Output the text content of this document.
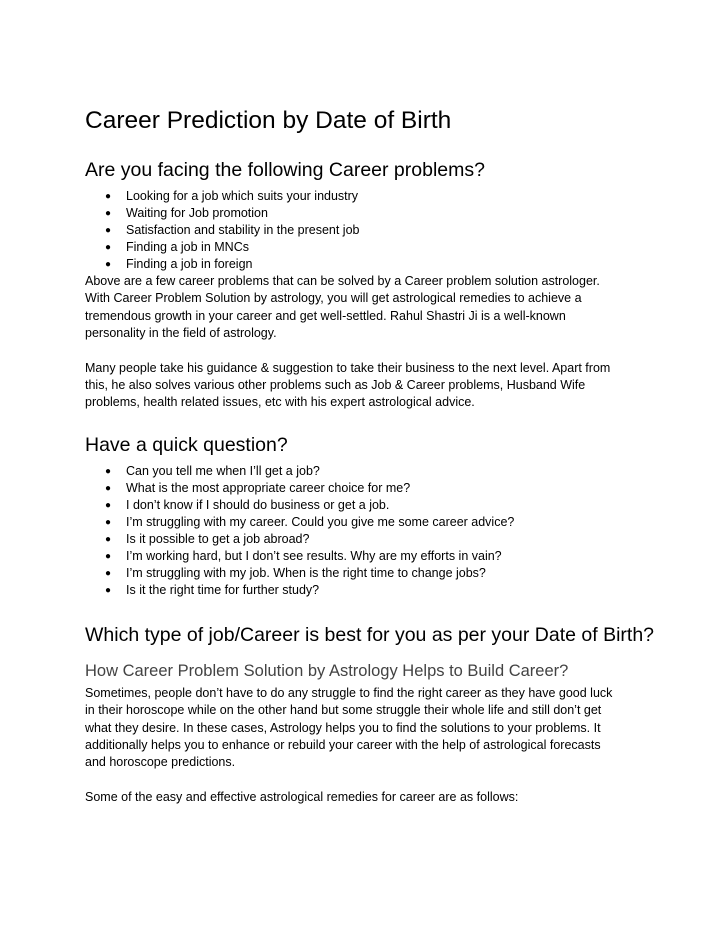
Career Prediction by Date of Birth
Are you facing the following Career problems?
● Looking for a job which suits your industry
● Waiting for Job promotion
● Satisfaction and stability in the present job
● Finding a job in MNCs
● Finding a job in foreign

Above are a few career problems that can be solved by a Career problem solution astrologer.
With Career Problem Solution by astrology, you will get astrological remedies to achieve a
tremendous growth in your career and get well-settled. Rahul Shastri Ji is a well-known
personality in the field of astrology.

Many people take his guidance & suggestion to take their business to the next level. Apart from
this, he also solves various other problems such as Job & Career problems, Husband Wife
problems, health related issues, etc with his expert astrological advice.

Have a quick question?
● Can you tell me when I’ll get a job?
● What is the most appropriate career choice for me?
● I don’t know if I should do business or get a job.
● I’m struggling with my career. Could you give me some career advice?
● Is it possible to get a job abroad?
● I’m working hard, but I don’t see results. Why are my efforts in vain?
● I’m struggling with my job. When is the right time to change jobs?
● Is it the right time for further study?
Which type of job/Career is best for you as per your Date of Birth?
How Career Problem Solution by Astrology Helps to Build Career?

Sometimes, people don’t have to do any struggle to find the right career as they have good luck
in their horoscope while on the other hand but some struggle their whole life and still don’t get
what they desire. In these cases, Astrology helps you to find the solutions to your problems. It
additionally helps you to enhance or rebuild your career with the help of astrological forecasts
and horoscope predictions.

Some of the easy and effective astrological remedies for career are as follows:
